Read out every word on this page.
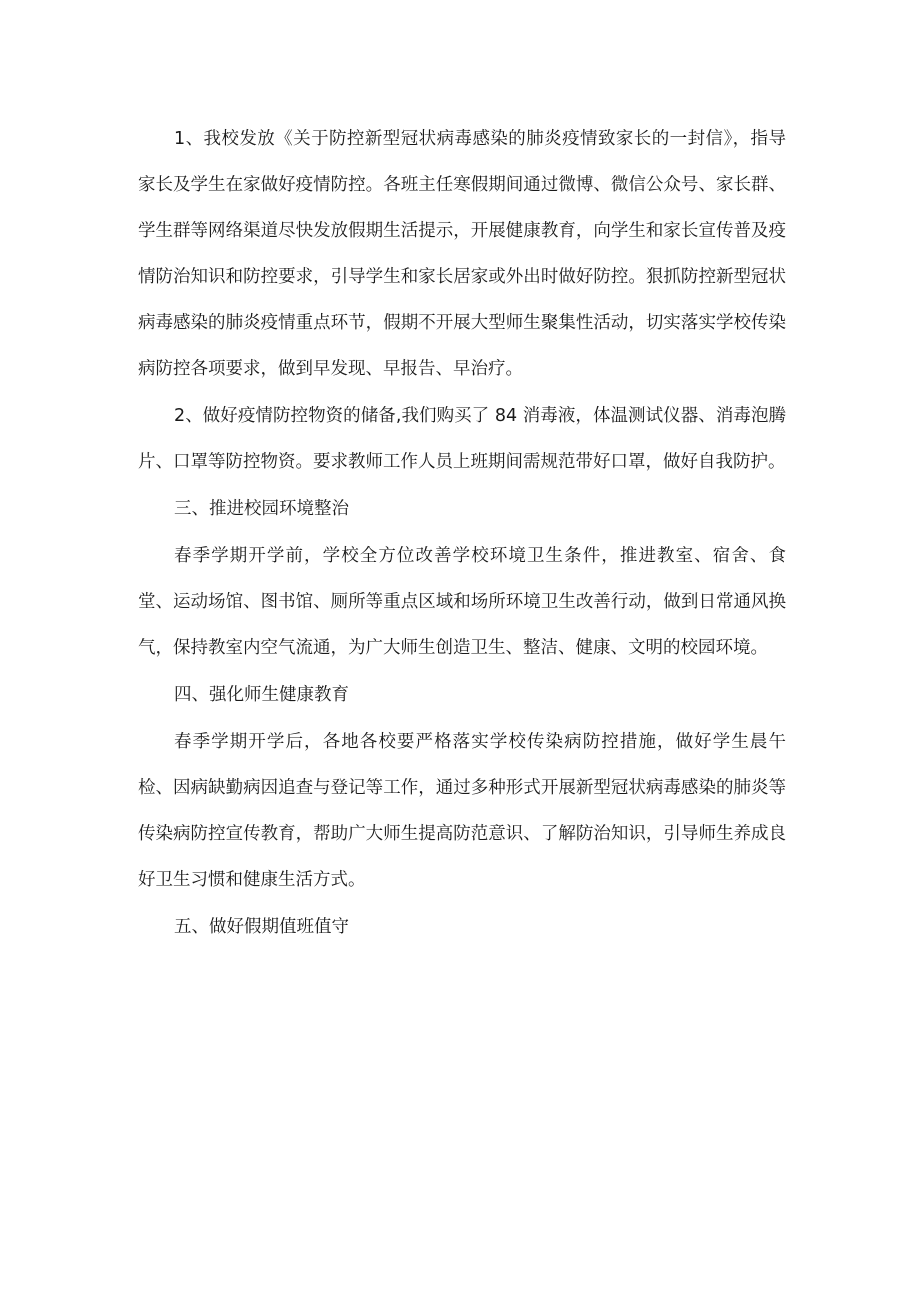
1、我校发放《关于防控新型冠状病毒感染的肺炎疫情致家长的一封信》，指导家长及学生在家做好疫情防控。各班主任寒假期间通过微博、微信公众号、家长群、学生群等网络渠道尽快发放假期生活提示，开展健康教育，向学生和家长宣传普及疫情防治知识和防控要求，引导学生和家长居家或外出时做好防控。狠抓防控新型冠状病毒感染的肺炎疫情重点环节，假期不开展大型师生聚集性活动，切实落实学校传染病防控各项要求，做到早发现、早报告、早治疗。

2、做好疫情防控物资的储备,我们购买了 84 消毒液，体温测试仪器、消毒泡腾片、口罩等防控物资。要求教师工作人员上班期间需规范带好口罩，做好自我防护。

三、推进校园环境整治

春季学期开学前，学校全方位改善学校环境卫生条件，推进教室、宿舍、食堂、运动场馆、图书馆、厕所等重点区域和场所环境卫生改善行动，做到日常通风换气，保持教室内空气流通，为广大师生创造卫生、整洁、健康、文明的校园环境。

四、强化师生健康教育

春季学期开学后，各地各校要严格落实学校传染病防控措施，做好学生晨午检、因病缺勤病因追查与登记等工作，通过多种形式开展新型冠状病毒感染的肺炎等传染病防控宣传教育，帮助广大师生提高防范意识、了解防治知识，引导师生养成良好卫生习惯和健康生活方式。

五、做好假期值班值守
